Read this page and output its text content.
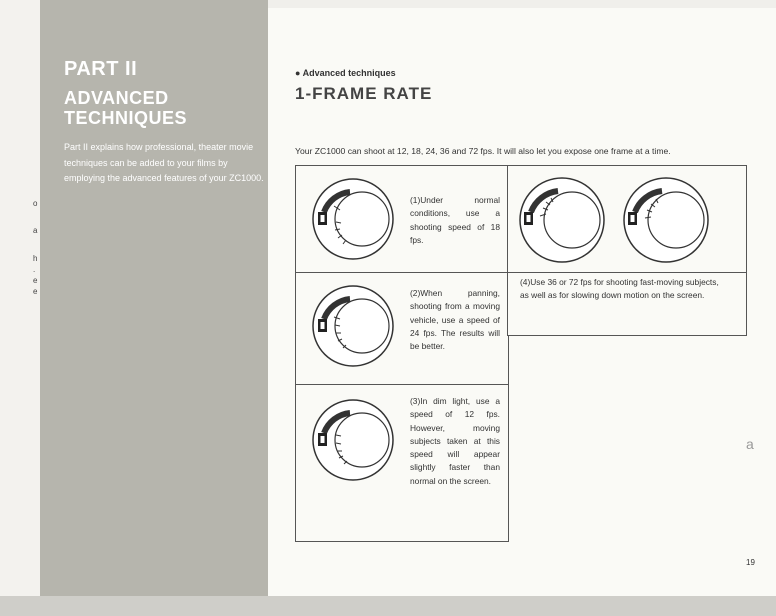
o
a
h
.
e
e
PART II
ADVANCED
TECHNIQUES
Part II explains how professional, theater movie techniques can be added to your films by employing the advanced features of your ZC1000.
● Advanced techniques
1-FRAME RATE
Your ZC1000 can shoot at 12, 18, 24, 36 and 72 fps. It will also let you expose one frame at a time.
2	(1)Under normal conditions, use a shooting speed of 18 fps.
2
(2)When panning, shooting from a moving vehicle, use a speed of 24 fps. The results will be better.
2
(3)In dim light, use a speed of 12 fps. However, moving subjects taken at this speed will appear slightly faster than normal on the screen.
2	2
(4)Use 36 or 72 fps for shooting fast-moving subjects, as well as for slowing down motion on the screen.
a
19
